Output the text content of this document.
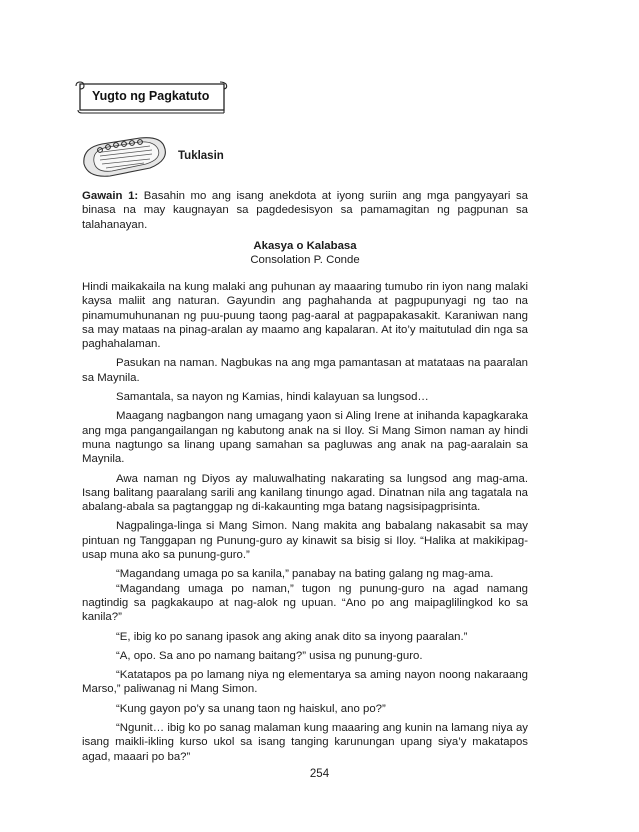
Yugto ng Pagkatuto
Tuklasin

Gawain 1: Basahin mo ang isang anekdota at iyong suriin ang mga pangyayari sa binasa na may kaugnayan sa pagdedesisyon sa pamamagitan ng pagpunan sa talahanayan.

Akasya o Kalabasa
Consolation P. Conde

Hindi maikakaila na kung malaki ang puhunan ay maaaring tumubo rin iyon nang malaki kaysa maliit ang naturan. Gayundin ang paghahanda at pagpupunyagi ng tao na pinamumuhunanan ng puu-puung taong pag-aaral at pagpapakasakit. Karaniwan nang sa may mataas na pinag-aralan ay maamo ang kapalaran. At ito’y maitutulad din nga sa paghahalaman.

Pasukan na naman. Nagbukas na ang mga pamantasan at matataas na paaralan sa Maynila.

Samantala, sa nayon ng Kamias, hindi kalayuan sa lungsod…

Maagang nagbangon nang umagang yaon si Aling Irene at inihanda kapagkaraka ang mga pangangailangan ng kabutong anak na si Iloy. Si Mang Simon naman ay hindi muna nagtungo sa linang upang samahan sa pagluwas ang anak na pag-aaralain sa Maynila.

Awa naman ng Diyos ay maluwalhating nakarating sa lungsod ang mag-ama. Isang balitang paaralang sarili ang kanilang tinungo agad. Dinatnan nila ang tagatala na abalang-abala sa pagtanggap ng di-kakaunting mga batang nagsisipagprisinta.

Nagpalinga-linga si Mang Simon. Nang makita ang babalang nakasabit sa may pintuan ng Tanggapan ng Punung-guro ay kinawit sa bisig si Iloy. “Halika at makikipag-usap muna ako sa punung-guro.”

“Magandang umaga po sa kanila,” panabay na bating galang ng mag-ama.

“Magandang umaga po naman,” tugon ng punung-guro na agad namang nagtindig sa pagkakaupo at nag-alok ng upuan. “Ano po ang maipaglilingkod ko sa kanila?”

“E, ibig ko po sanang ipasok ang aking anak dito sa inyong paaralan.”

“A, opo. Sa ano po namang baitang?” usisa ng punung-guro.

“Katatapos pa po lamang niya ng elementarya sa aming nayon noong nakaraang Marso,” paliwanag ni Mang Simon.

“Kung gayon po’y sa unang taon ng haiskul, ano po?”

“Ngunit… ibig ko po sanag malaman kung maaaring ang kunin na lamang niya ay isang maikli-ikling kurso ukol sa isang tanging karunungan upang siya’y makatapos agad, maaari po ba?”

254
